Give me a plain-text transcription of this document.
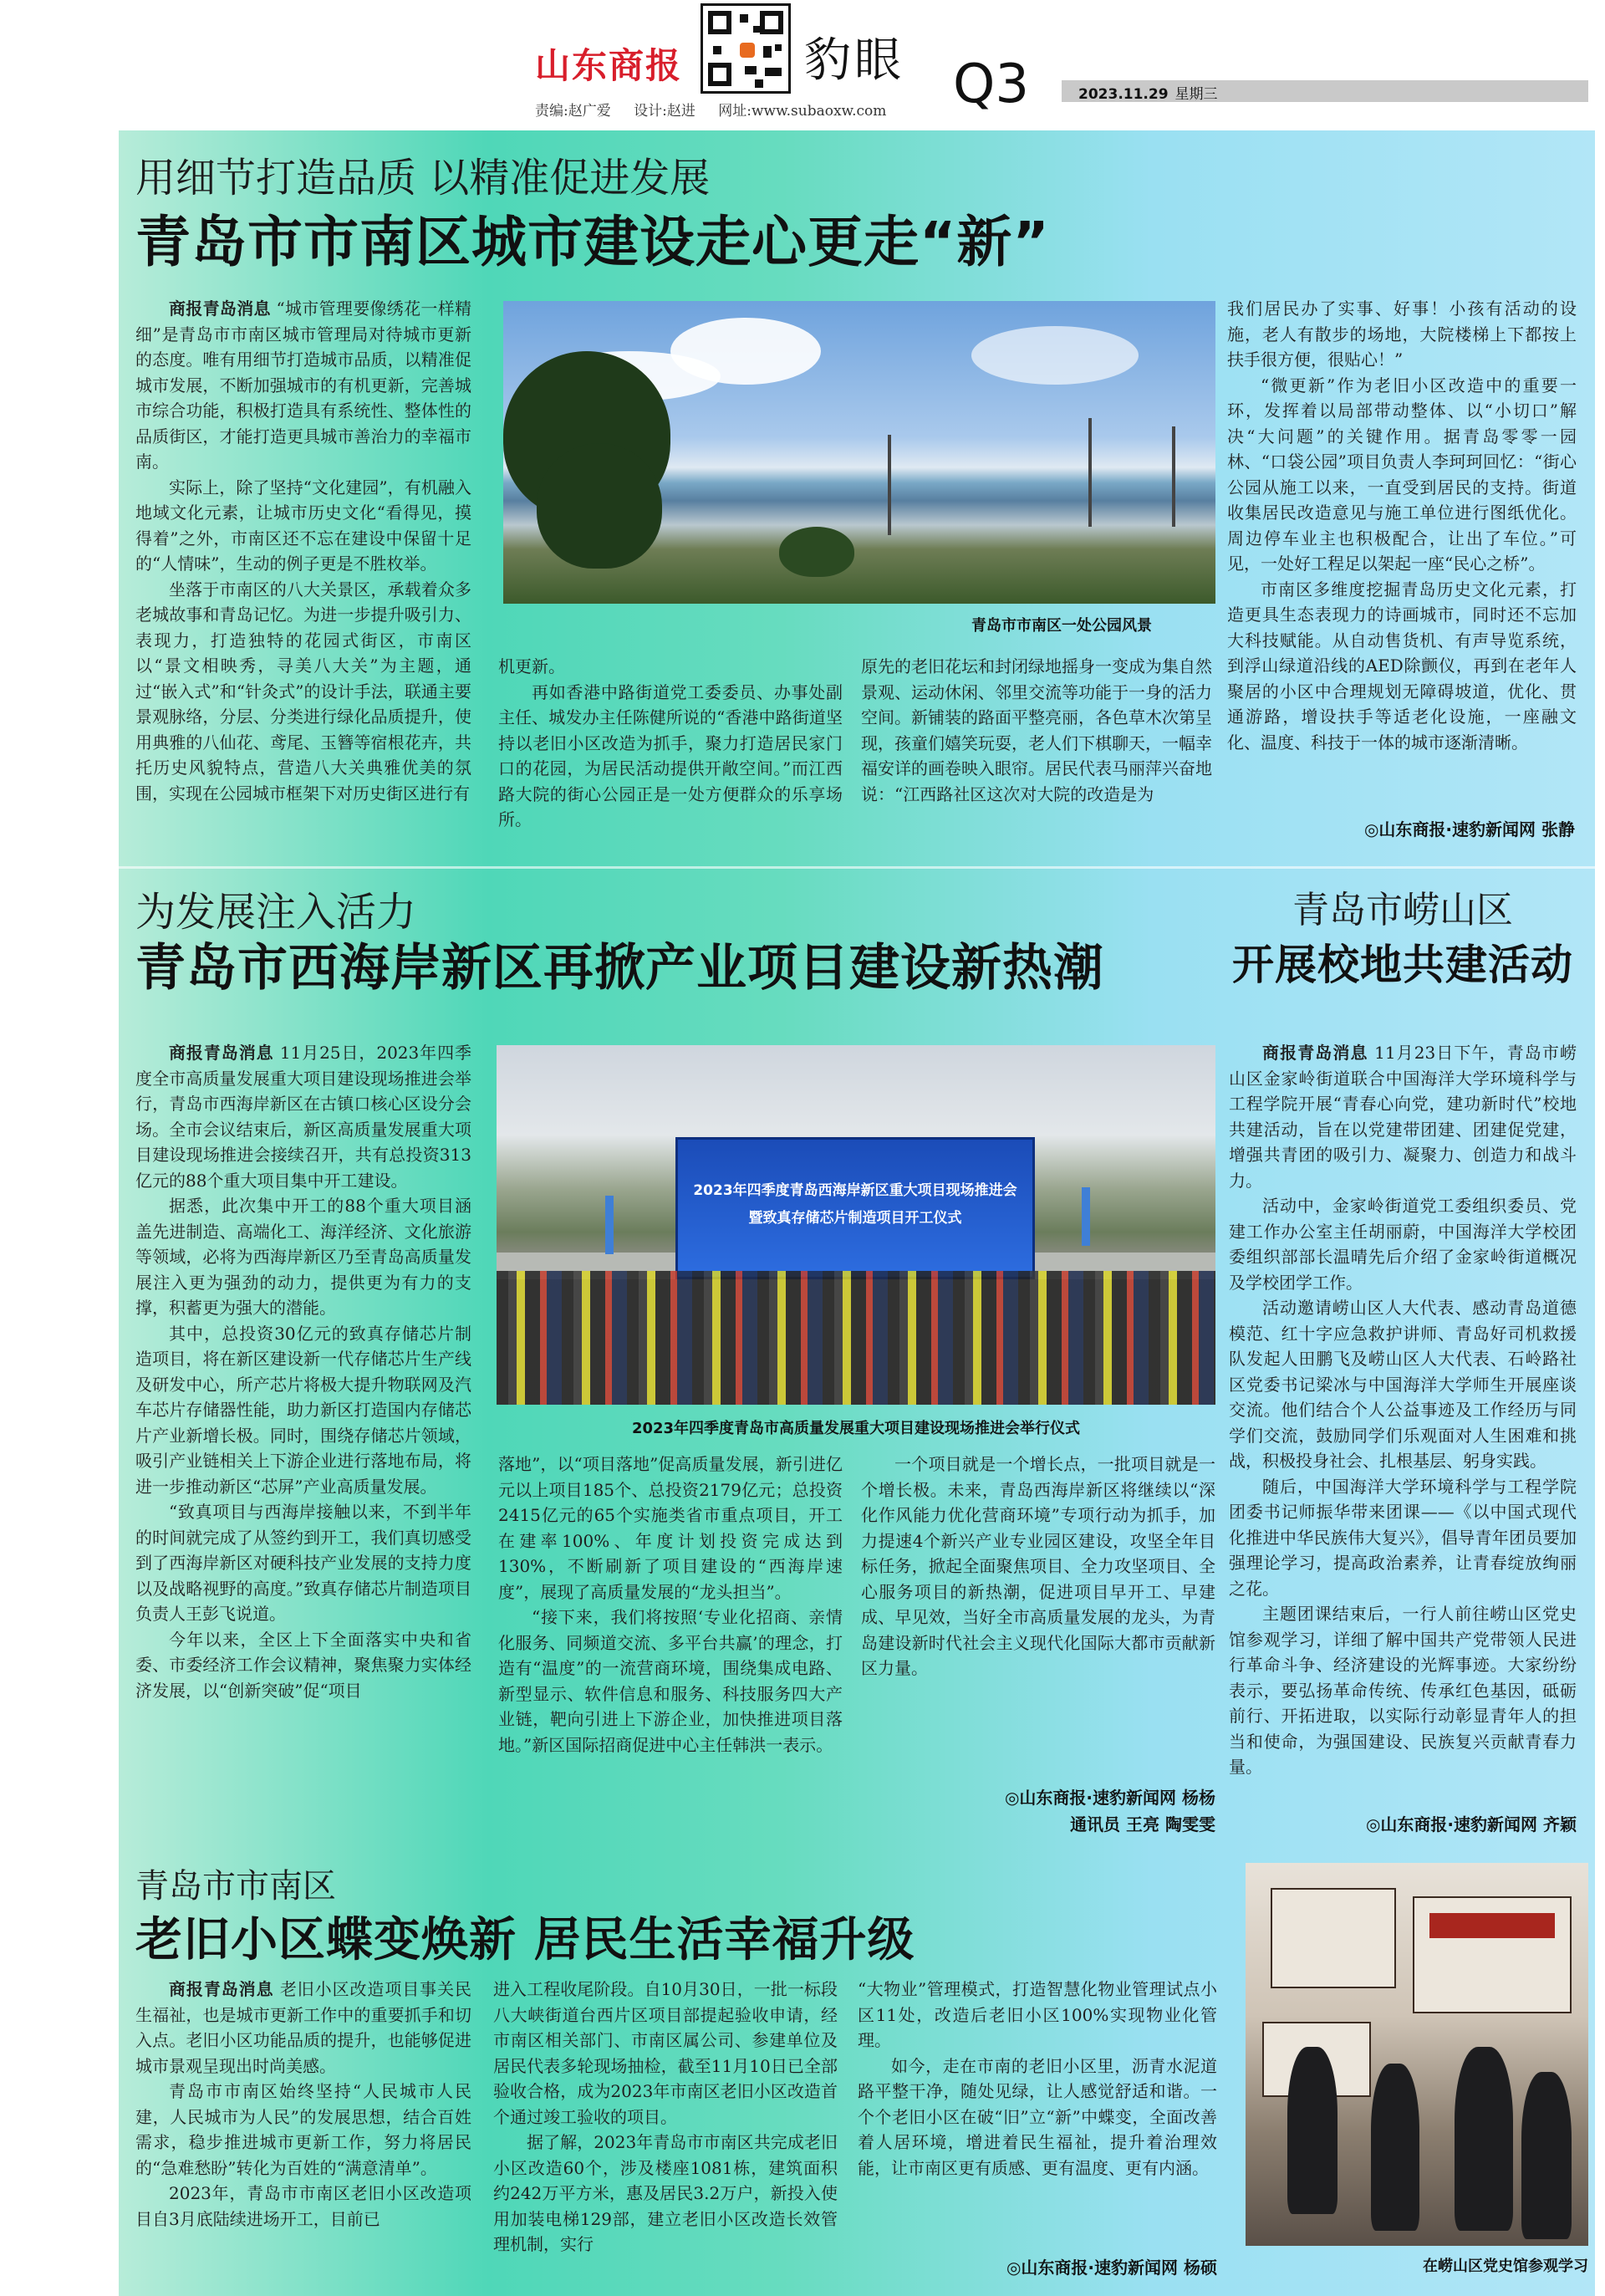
山东商报	豹眼 Q3
责编:赵广爱 设计:赵进 网址:www.subaoxw.com
2023.11.29 星期三
用细节打造品质 以精准促进发展
青岛市市南区城市建设走心更走“新”

商报青岛消息 “城市管理要像绣花一样精细”是青岛市市南区城市管理局对待城市更新的态度。唯有用细节打造城市品质，以精准促城市发展，不断加强城市的有机更新，完善城市综合功能，积极打造具有系统性、整体性的品质街区，才能打造更具城市善治力的幸福市南。

实际上，除了坚持“文化建园”，有机融入地域文化元素，让城市历史文化“看得见，摸得着”之外，市南区还不忘在建设中保留十足的“人情味”，生动的例子更是不胜枚举。

坐落于市南区的八大关景区，承载着众多老城故事和青岛记忆。为进一步提升吸引力、表现力，打造独特的花园式街区，市南区以“景文相映秀，寻美八大关”为主题，通过“嵌入式”和“针灸式”的设计手法，联通主要景观脉络，分层、分类进行绿化品质提升，使用典雅的八仙花、鸢尾、玉簪等宿根花卉，共托历史风貌特点，营造八大关典雅优美的氛围，实现在公园城市框架下对历史街区进行有

青岛市市南区一处公园风景

机更新。

再如香港中路街道党工委委员、办事处副主任、城发办主任陈健所说的“香港中路街道坚持以老旧小区改造为抓手，聚力打造居民家门口的花园，为居民活动提供开敞空间。”而江西路大院的街心公园正是一处方便群众的乐享场所。

原先的老旧花坛和封闭绿地摇身一变成为集自然景观、运动休闲、邻里交流等功能于一身的活力空间。新铺装的路面平整亮丽，各色草木次第呈现，孩童们嬉笑玩耍，老人们下棋聊天，一幅幸福安详的画卷映入眼帘。居民代表马丽萍兴奋地说：“江西路社区这次对大院的改造是为

我们居民办了实事、好事！小孩有活动的设施，老人有散步的场地，大院楼梯上下都按上扶手很方便，很贴心！”

“微更新”作为老旧小区改造中的重要一环，发挥着以局部带动整体、以“小切口”解决“大问题”的关键作用。据青岛零零一园林、“口袋公园”项目负责人李珂珂回忆：“街心公园从施工以来，一直受到居民的支持。街道收集居民改造意见与施工单位进行图纸优化。周边停车业主也积极配合，让出了车位。”可见，一处好工程足以架起一座“民心之桥”。

市南区多维度挖掘青岛历史文化元素，打造更具生态表现力的诗画城市，同时还不忘加大科技赋能。从自动售货机、有声导览系统，到浮山绿道沿线的AED除颤仪，再到在老年人聚居的小区中合理规划无障碍坡道，优化、贯通游路，增设扶手等适老化设施，一座融文化、温度、科技于一体的城市逐渐清晰。

◎山东商报·速豹新闻网 张静
为发展注入活力
青岛市西海岸新区再掀产业项目建设新热潮

商报青岛消息 11月25日，2023年四季度全市高质量发展重大项目建设现场推进会举行，青岛市西海岸新区在古镇口核心区设分会场。全市会议结束后，新区高质量发展重大项目建设现场推进会接续召开，共有总投资313亿元的88个重大项目集中开工建设。

据悉，此次集中开工的88个重大项目涵盖先进制造、高端化工、海洋经济、文化旅游等领域，必将为西海岸新区乃至青岛高质量发展注入更为强劲的动力，提供更为有力的支撑，积蓄更为强大的潜能。

其中，总投资30亿元的致真存储芯片制造项目，将在新区建设新一代存储芯片生产线及研发中心，所产芯片将极大提升物联网及汽车芯片存储器性能，助力新区打造国内存储芯片产业新增长极。同时，围绕存储芯片领域，吸引产业链相关上下游企业进行落地布局，将进一步推动新区“芯屏”产业高质量发展。

“致真项目与西海岸接触以来，不到半年的时间就完成了从签约到开工，我们真切感受到了西海岸新区对硬科技产业发展的支持力度以及战略视野的高度。”致真存储芯片制造项目负责人王彭飞说道。

今年以来，全区上下全面落实中央和省委、市委经济工作会议精神，聚焦聚力实体经济发展，以“创新突破”促“项目

2023年四季度青岛西海岸新区重大项目现场推进会
暨致真存储芯片制造项目开工仪式
2023年四季度青岛市高质量发展重大项目建设现场推进会举行仪式

落地”，以“项目落地”促高质量发展，新引进亿元以上项目185个、总投资2179亿元；总投资2415亿元的65个实施类省市重点项目，开工在建率100%、年度计划投资完成达到130%，不断刷新了项目建设的“西海岸速度”，展现了高质量发展的“龙头担当”。

“接下来，我们将按照‘专业化招商、亲情化服务、同频道交流、多平台共赢’的理念，打造有“温度”的一流营商环境，围绕集成电路、新型显示、软件信息和服务、科技服务四大产业链，靶向引进上下游企业，加快推进项目落地。”新区国际招商促进中心主任韩洪一表示。

一个项目就是一个增长点，一批项目就是一个增长极。未来，青岛西海岸新区将继续以“深化作风能力优化营商环境”专项行动为抓手，加力提速4个新兴产业专业园区建设，攻坚全年目标任务，掀起全面聚焦项目、全力攻坚项目、全心服务项目的新热潮，促进项目早开工、早建成、早见效，当好全市高质量发展的龙头，为青岛建设新时代社会主义现代化国际大都市贡献新区力量。

◎山东商报·速豹新闻网 杨杨
通讯员 王亮 陶雯雯
青岛市崂山区
开展校地共建活动

商报青岛消息 11月23日下午，青岛市崂山区金家岭街道联合中国海洋大学环境科学与工程学院开展“青春心向党，建功新时代”校地共建活动，旨在以党建带团建、团建促党建，增强共青团的吸引力、凝聚力、创造力和战斗力。

活动中，金家岭街道党工委组织委员、党建工作办公室主任胡丽蔚，中国海洋大学校团委组织部部长温晴先后介绍了金家岭街道概况及学校团学工作。

活动邀请崂山区人大代表、感动青岛道德模范、红十字应急救护讲师、青岛好司机救援队发起人田鹏飞及崂山区人大代表、石岭路社区党委书记梁冰与中国海洋大学师生开展座谈交流。他们结合个人公益事迹及工作经历与同学们交流，鼓励同学们乐观面对人生困难和挑战，积极投身社会、扎根基层、躬身实践。

随后，中国海洋大学环境科学与工程学院团委书记师振华带来团课——《以中国式现代化推进中华民族伟大复兴》，倡导青年团员要加强理论学习，提高政治素养，让青春绽放绚丽之花。

主题团课结束后，一行人前往崂山区党史馆参观学习，详细了解中国共产党带领人民进行革命斗争、经济建设的光辉事迹。大家纷纷表示，要弘扬革命传统、传承红色基因，砥砺前行、开拓进取，以实际行动彰显青年人的担当和使命，为强国建设、民族复兴贡献青春力量。

◎山东商报·速豹新闻网 齐颖
在崂山区党史馆参观学习
青岛市市南区
老旧小区蝶变焕新 居民生活幸福升级

商报青岛消息 老旧小区改造项目事关民生福祉，也是城市更新工作中的重要抓手和切入点。老旧小区功能品质的提升，也能够促进城市景观呈现出时尚美感。

青岛市市南区始终坚持“人民城市人民建，人民城市为人民”的发展思想，结合百姓需求，稳步推进城市更新工作，努力将居民的“急难愁盼”转化为百姓的“满意清单”。

2023年，青岛市市南区老旧小区改造项目自3月底陆续进场开工，目前已

进入工程收尾阶段。自10月30日，一批一标段八大峡街道台西片区项目部提起验收申请，经市南区相关部门、市南区属公司、参建单位及居民代表多轮现场抽检，截至11月10日已全部验收合格，成为2023年市南区老旧小区改造首个通过竣工验收的项目。

据了解，2023年青岛市市南区共完成老旧小区改造60个，涉及楼座1081栋，建筑面积约242万平方米，惠及居民3.2万户，新投入使用加装电梯129部，建立老旧小区改造长效管理机制，实行

“大物业”管理模式，打造智慧化物业管理试点小区11处，改造后老旧小区100%实现物业化管理。

如今，走在市南的老旧小区里，沥青水泥道路平整干净，随处见绿，让人感觉舒适和谐。一个个老旧小区在破“旧”立“新”中蝶变，全面改善着人居环境，增进着民生福祉，提升着治理效能，让市南区更有质感、更有温度、更有内涵。

◎山东商报·速豹新闻网 杨硕
